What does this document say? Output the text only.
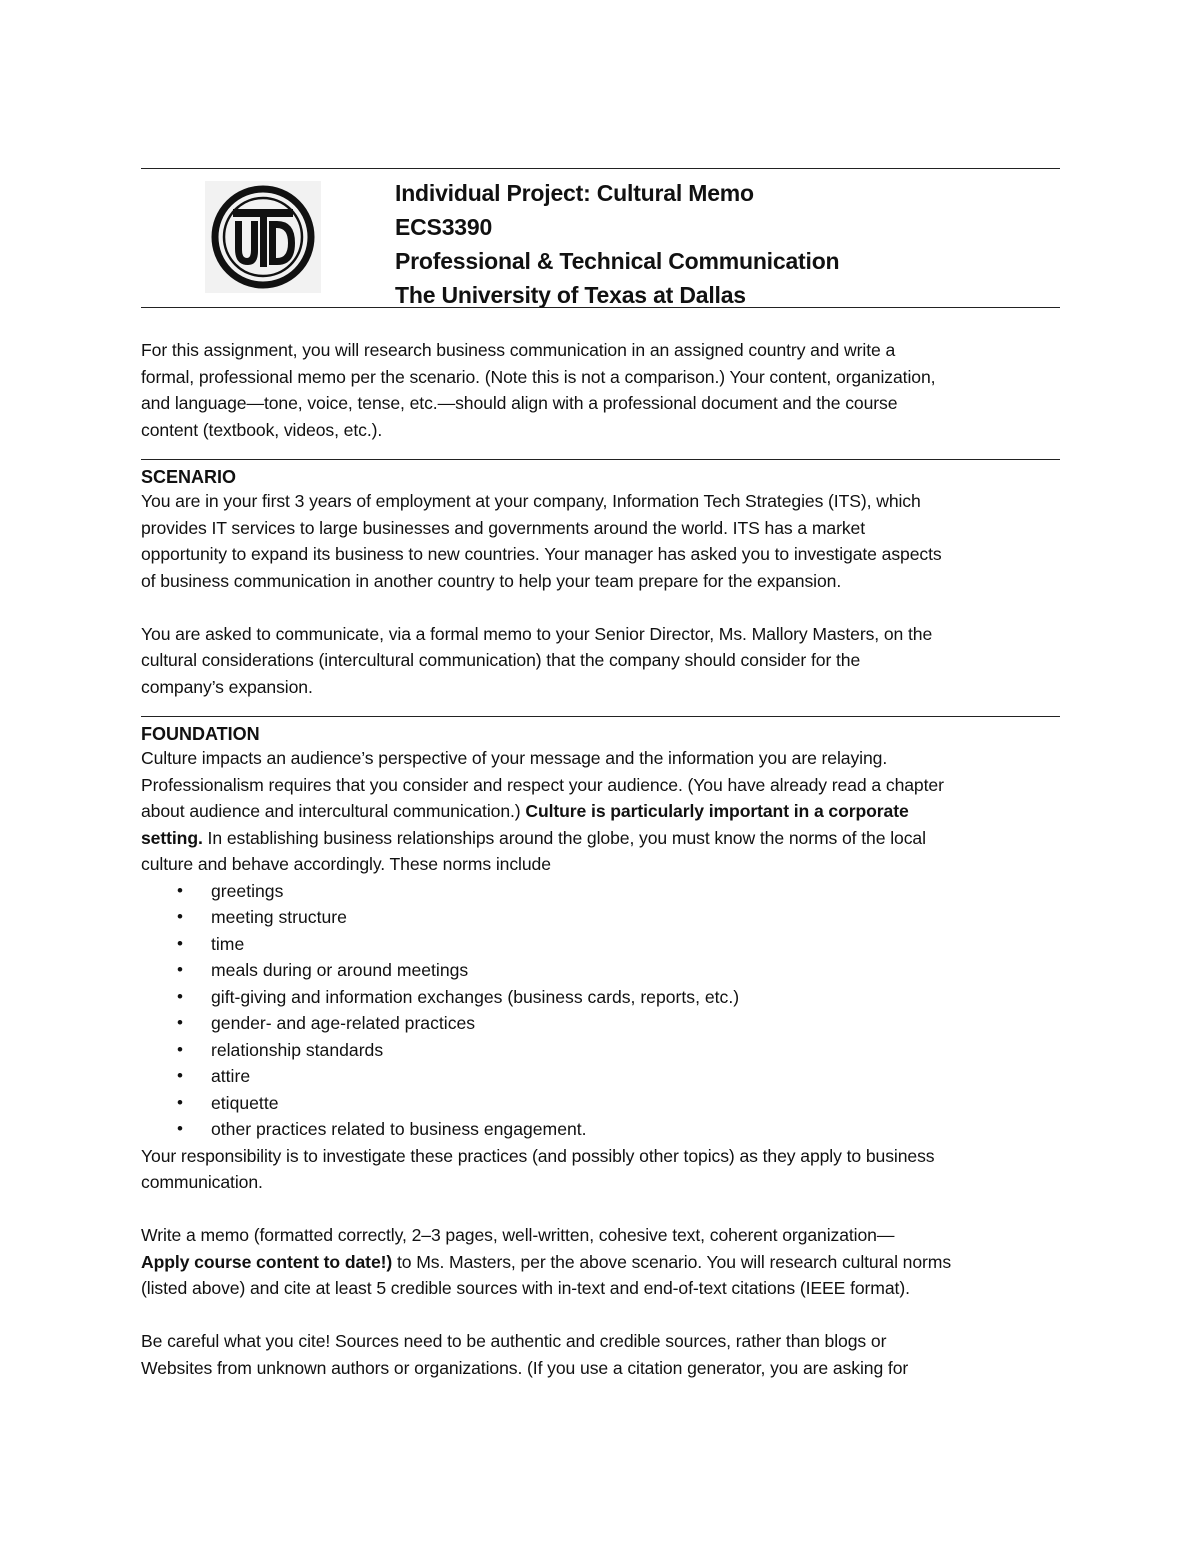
Individual Project: Cultural Memo
ECS3390
Professional & Technical Communication
The University of Texas at Dallas
For this assignment, you will research business communication in an assigned country and write a
formal, professional memo per the scenario. (Note this is not a comparison.) Your content, organization,
and language—tone, voice, tense, etc.—should align with a professional document and the course
content (textbook, videos, etc.).
SCENARIO
You are in your first 3 years of employment at your company, Information Tech Strategies (ITS), which
provides IT services to large businesses and governments around the world. ITS has a market
opportunity to expand its business to new countries. Your manager has asked you to investigate aspects
of business communication in another country to help your team prepare for the expansion.
You are asked to communicate, via a formal memo to your Senior Director, Ms. Mallory Masters, on the
cultural considerations (intercultural communication) that the company should consider for the
company’s expansion.
FOUNDATION
Culture impacts an audience’s perspective of your message and the information you are relaying.
Professionalism requires that you consider and respect your audience. (You have already read a chapter
about audience and intercultural communication.) Culture is particularly important in a corporate
setting. In establishing business relationships around the globe, you must know the norms of the local
culture and behave accordingly. These norms include
• greetings
• meeting structure
• time
• meals during or around meetings
• gift-giving and information exchanges (business cards, reports, etc.)
• gender- and age-related practices
• relationship standards
• attire
• etiquette
• other practices related to business engagement.
Your responsibility is to investigate these practices (and possibly other topics) as they apply to business
communication.
Write a memo (formatted correctly, 2–3 pages, well-written, cohesive text, coherent organization—
Apply course content to date!) to Ms. Masters, per the above scenario. You will research cultural norms
(listed above) and cite at least 5 credible sources with in-text and end-of-text citations (IEEE format).
Be careful what you cite! Sources need to be authentic and credible sources, rather than blogs or
Websites from unknown authors or organizations. (If you use a citation generator, you are asking for
